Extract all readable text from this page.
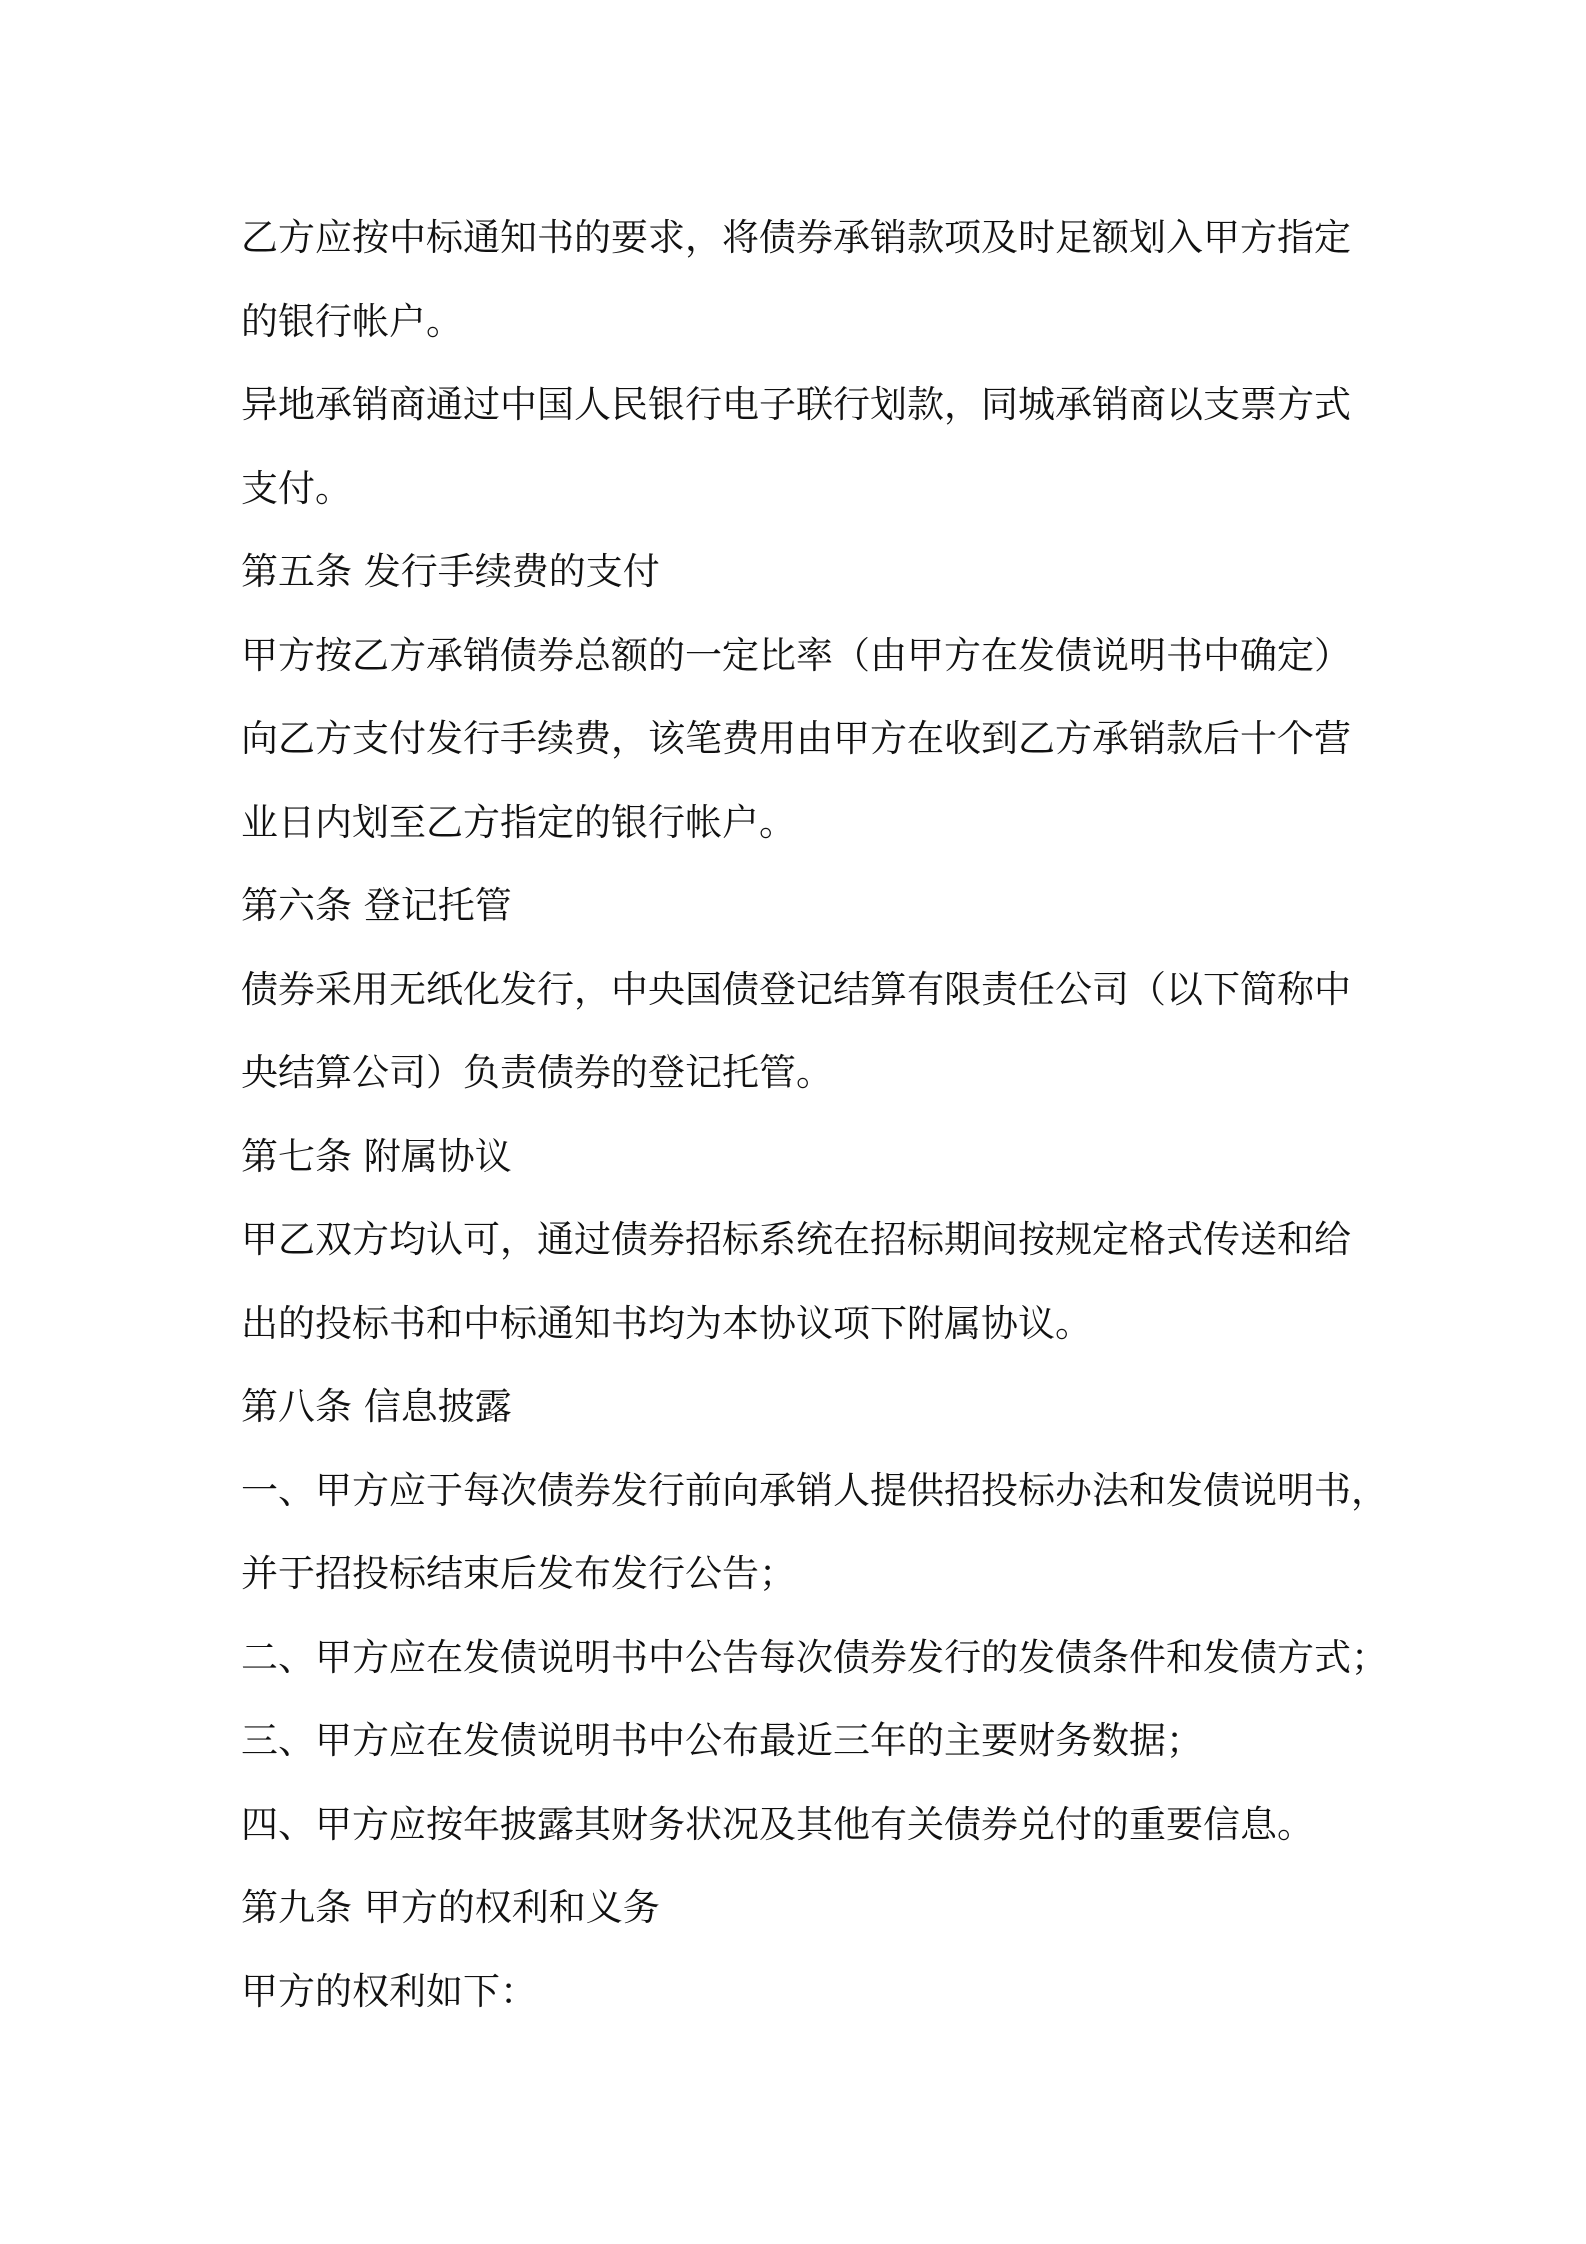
乙方应按中标通知书的要求，将债券承销款项及时足额划入甲方指定
的银行帐户。
异地承销商通过中国人民银行电子联行划款，同城承销商以支票方式
支付。
第五条 发行手续费的支付
甲方按乙方承销债券总额的一定比率（由甲方在发债说明书中确定）
向乙方支付发行手续费，该笔费用由甲方在收到乙方承销款后十个营
业日内划至乙方指定的银行帐户。
第六条 登记托管
债券采用无纸化发行，中央国债登记结算有限责任公司（以下简称中
央结算公司）负责债券的登记托管。
第七条 附属协议
甲乙双方均认可，通过债券招标系统在招标期间按规定格式传送和给
出的投标书和中标通知书均为本协议项下附属协议。
第八条 信息披露
一、甲方应于每次债券发行前向承销人提供招投标办法和发债说明书，
并于招投标结束后发布发行公告；
二、甲方应在发债说明书中公告每次债券发行的发债条件和发债方式；
三、甲方应在发债说明书中公布最近三年的主要财务数据；
四、甲方应按年披露其财务状况及其他有关债券兑付的重要信息。
第九条 甲方的权利和义务
甲方的权利如下：
